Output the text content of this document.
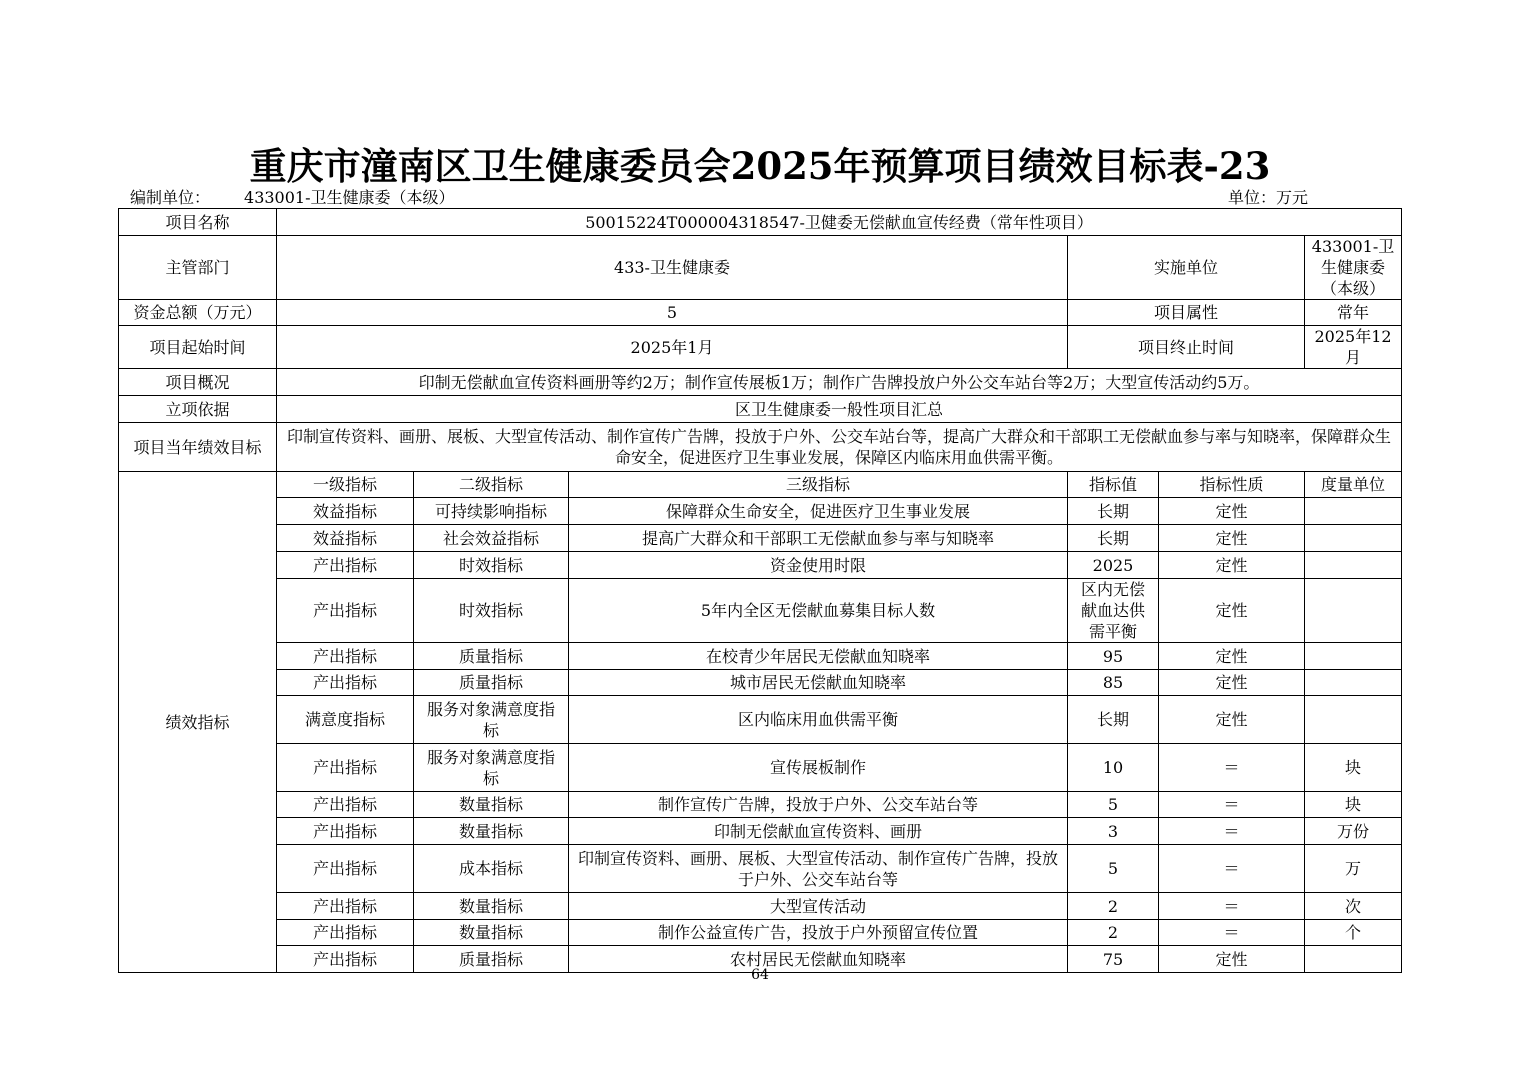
重庆市潼南区卫生健康委员会2025年预算项目绩效目标表-23
编制单位： 433001-卫生健康委（本级）	单位：万元
项目名称	50015224T000004318547-卫健委无偿献血宣传经费（常年性项目）					
主管部门	433-卫生健康委			实施单位		433001-卫生健康委（本级）
资金总额（万元）	5			项目属性		常年
项目起始时间	2025年1月			项目终止时间		2025年12月
项目概况	印制无偿献血宣传资料画册等约2万；制作宣传展板1万；制作广告牌投放户外公交车站台等2万；大型宣传活动约5万。					
立项依据	区卫生健康委一般性项目汇总					
项目当年绩效目标	印制宣传资料、画册、展板、大型宣传活动、制作宣传广告牌，投放于户外、公交车站台等，提高广大群众和干部职工无偿献血参与率与知晓率，保障群众生命安全，促进医疗卫生事业发展，保障区内临床用血供需平衡。					
绩效指标	一级指标	二级指标	三级指标	指标值	指标性质	度量单位
	效益指标	可持续影响指标	保障群众生命安全，促进医疗卫生事业发展	长期	定性	
	效益指标	社会效益指标	提高广大群众和干部职工无偿献血参与率与知晓率	长期	定性	
	产出指标	时效指标	资金使用时限	2025	定性	
	产出指标	时效指标	5年内全区无偿献血募集目标人数	区内无偿献血达供需平衡	定性	
	产出指标	质量指标	在校青少年居民无偿献血知晓率	95	定性	
	产出指标	质量指标	城市居民无偿献血知晓率	85	定性	
	满意度指标	服务对象满意度指标	区内临床用血供需平衡	长期	定性	
	产出指标	服务对象满意度指标	宣传展板制作	10	＝	块
	产出指标	数量指标	制作宣传广告牌，投放于户外、公交车站台等	5	＝	块
	产出指标	数量指标	印制无偿献血宣传资料、画册	3	＝	万份
	产出指标	成本指标	印制宣传资料、画册、展板、大型宣传活动、制作宣传广告牌，投放于户外、公交车站台等	5	＝	万
	产出指标	数量指标	大型宣传活动	2	＝	次
	产出指标	数量指标	制作公益宣传广告，投放于户外预留宣传位置	2	＝	个
	产出指标	质量指标	农村居民无偿献血知晓率	75	定性	
64
